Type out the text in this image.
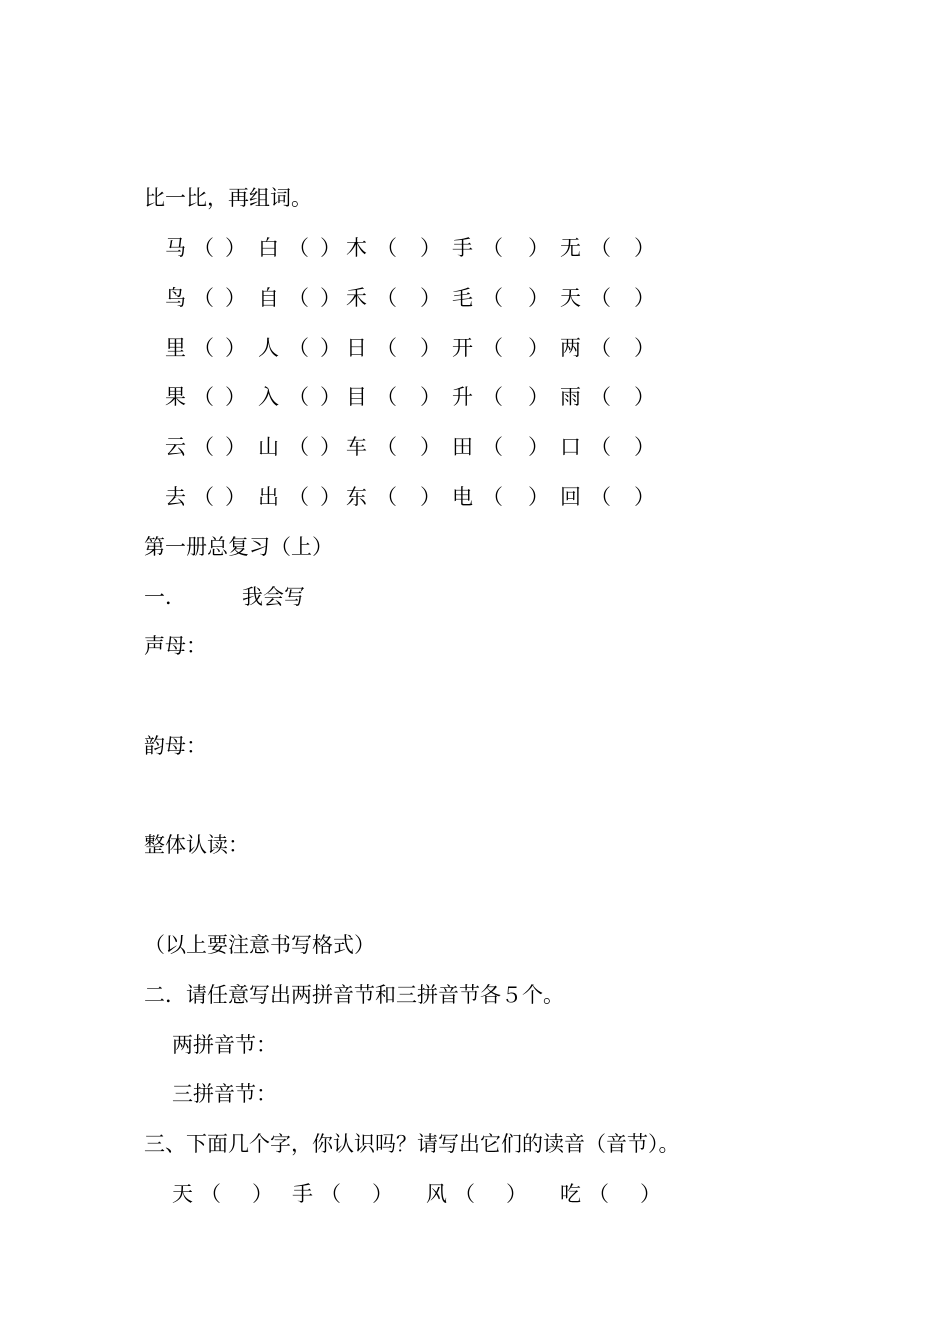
比一比，再组词。
马 （ ） 白 （ ） 木 （ ） 手 （ ） 无 （ ）
鸟 （ ） 自 （ ） 禾 （ ） 毛 （ ） 天 （ ）
里 （ ） 人 （ ） 日 （ ） 开 （ ） 两 （ ）
果 （ ） 入 （ ） 目 （ ） 升 （ ） 雨 （ ）
云 （ ） 山 （ ） 车 （ ） 田 （ ） 口 （ ）
去 （ ） 出 （ ） 东 （ ） 电 （ ） 回 （ ）
第一册总复习（上）
一．	我会写
声母：
韵母：
整体认读：
（以上要注意书写格式）
二．请任意写出两拼音节和三拼音节各５个。
两拼音节：
三拼音节：
三、下面几个字，你认识吗？请写出它们的读音（音节）。
天 （ ） 手 （ ） 风 （ ） 吃 （ ）
